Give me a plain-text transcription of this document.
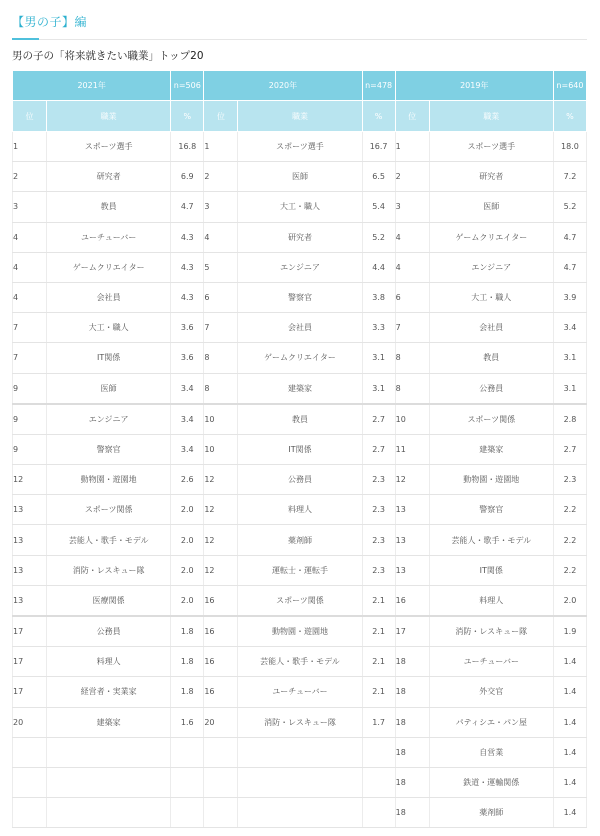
【男の子】編
男の子の「将来就きたい職業」トップ20
2021年		n=506	2020年		n=478	2019年		n=640
位	職業	%	位	職業	%	位	職業	%
1	スポーツ選手	16.8	1	スポーツ選手	16.7	1	スポーツ選手	18.0
2	研究者	6.9	2	医師	6.5	2	研究者	7.2
3	教員	4.7	3	大工・職人	5.4	3	医師	5.2
4	ユーチューバー	4.3	4	研究者	5.2	4	ゲームクリエイター	4.7
4	ゲームクリエイター	4.3	5	エンジニア	4.4	4	エンジニア	4.7
4	会社員	4.3	6	警察官	3.8	6	大工・職人	3.9
7	大工・職人	3.6	7	会社員	3.3	7	会社員	3.4
7	IT関係	3.6	8	ゲームクリエイター	3.1	8	教員	3.1
9	医師	3.4	8	建築家	3.1	8	公務員	3.1
9	エンジニア	3.4	10	教員	2.7	10	スポーツ関係	2.8
9	警察官	3.4	10	IT関係	2.7	11	建築家	2.7
12	動物園・遊園地	2.6	12	公務員	2.3	12	動物園・遊園地	2.3
13	スポーツ関係	2.0	12	料理人	2.3	13	警察官	2.2
13	芸能人・歌手・モデル	2.0	12	薬剤師	2.3	13	芸能人・歌手・モデル	2.2
13	消防・レスキュー隊	2.0	12	運転士・運転手	2.3	13	IT関係	2.2
13	医療関係	2.0	16	スポーツ関係	2.1	16	料理人	2.0
17	公務員	1.8	16	動物園・遊園地	2.1	17	消防・レスキュー隊	1.9
17	料理人	1.8	16	芸能人・歌手・モデル	2.1	18	ユーチューバー	1.4
17	経営者・実業家	1.8	16	ユーチューバー	2.1	18	外交官	1.4
20	建築家	1.6	20	消防・レスキュー隊	1.7	18	パティシエ・パン屋	1.4
						18	自営業	1.4
						18	鉄道・運輸関係	1.4
						18	薬剤師	1.4
